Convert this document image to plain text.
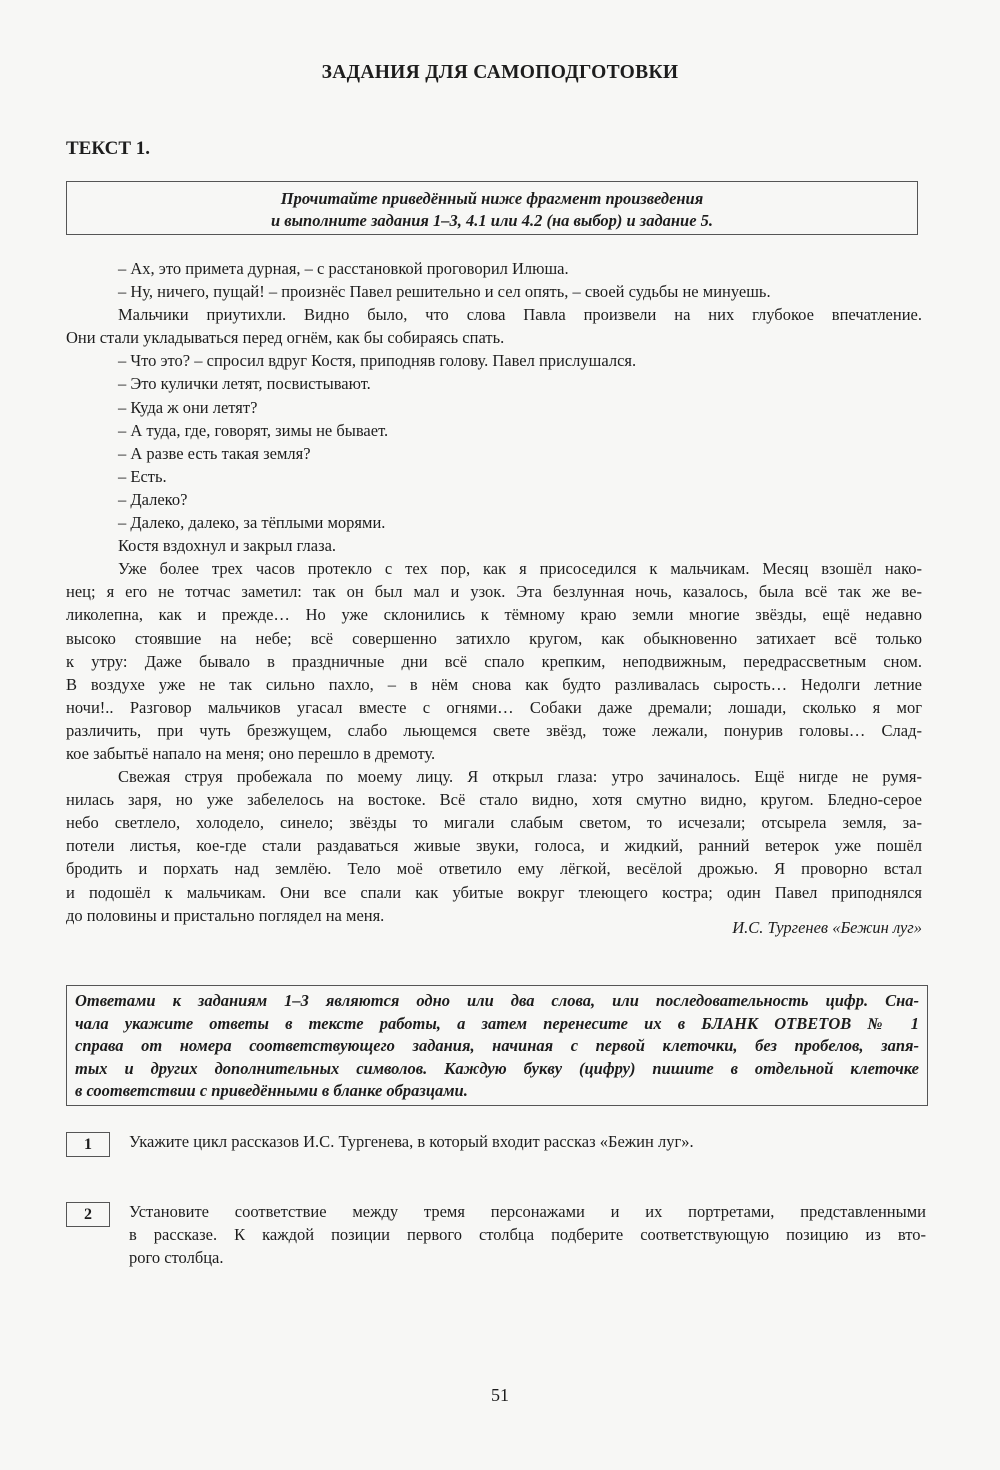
ЗАДАНИЯ ДЛЯ САМОПОДГОТОВКИ
ТЕКСТ 1.
Прочитайте приведённый ниже фрагмент произведения
и выполните задания 1–3, 4.1 или 4.2 (на выбор) и задание 5.

– Ах, это примета дурная, – с расстановкой проговорил Илюша.

– Ну, ничего, пущай! – произнёс Павел решительно и сел опять, – своей судьбы не минуешь.

Мальчики приутихли. Видно было, что слова Павла произвели на них глубокое впечатление.

Они стали укладываться перед огнём, как бы собираясь спать.

– Что это? – спросил вдруг Костя, приподняв голову. Павел прислушался.

– Это кулички летят, посвистывают.

– Куда ж они летят?

– А туда, где, говорят, зимы не бывает.

– А разве есть такая земля?

– Есть.

– Далеко?

– Далеко, далеко, за тёплыми морями.

Костя вздохнул и закрыл глаза.

Уже более трех часов протекло с тех пор, как я присоседился к мальчикам. Месяц взошёл нако-

нец; я его не тотчас заметил: так он был мал и узок. Эта безлунная ночь, казалось, была всё так же ве-

ликолепна, как и прежде… Но уже склонились к тёмному краю земли многие звёзды, ещё недавно

высоко стоявшие на небе; всё совершенно затихло кругом, как обыкновенно затихает всё только

к утру: Даже бывало в праздничные дни всё спало крепким, неподвижным, передрассветным сном.

В воздухе уже не так сильно пахло, – в нём снова как будто разливалась сырость… Недолги летние

ночи!.. Разговор мальчиков угасал вместе с огнями… Собаки даже дремали; лошади, сколько я мог

различить, при чуть брезжущем, слабо льющемся свете звёзд, тоже лежали, понурив головы… Слад-

кое забытьё напало на меня; оно перешло в дремоту.

Свежая струя пробежала по моему лицу. Я открыл глаза: утро зачиналось. Ещё нигде не румя-

нилась заря, но уже забелелось на востоке. Всё стало видно, хотя смутно видно, кругом. Бледно-серое

небо светлело, холодело, синело; звёзды то мигали слабым светом, то исчезали; отсырела земля, за-

потели листья, кое-где стали раздаваться живые звуки, голоса, и жидкий, ранний ветерок уже пошёл

бродить и порхать над землёю. Тело моё ответило ему лёгкой, весёлой дрожью. Я проворно встал

и подошёл к мальчикам. Они все спали как убитые вокруг тлеющего костра; один Павел приподнялся

до половины и пристально поглядел на меня.

И.С. Тургенев «Бежин луг»
Ответами к заданиям 1–3 являются одно или два слова, или последовательность цифр. Сна-
чала укажите ответы в тексте работы, а затем перенесите их в БЛАНК ОТВЕТОВ № 1
справа от номера соответствующего задания, начиная с первой клеточки, без пробелов, запя-
тых и других дополнительных символов. Каждую букву (цифру) пишите в отдельной клеточке
в соответствии с приведёнными в бланке образцами.
1	Укажите цикл рассказов И.С. Тургенева, в который входит рассказ «Бежин луг».
2	Установите соответствие между тремя персонажами и их портретами, представленными
в рассказе. К каждой позиции первого столбца подберите соответствующую позицию из вто-
рого столбца.
51
